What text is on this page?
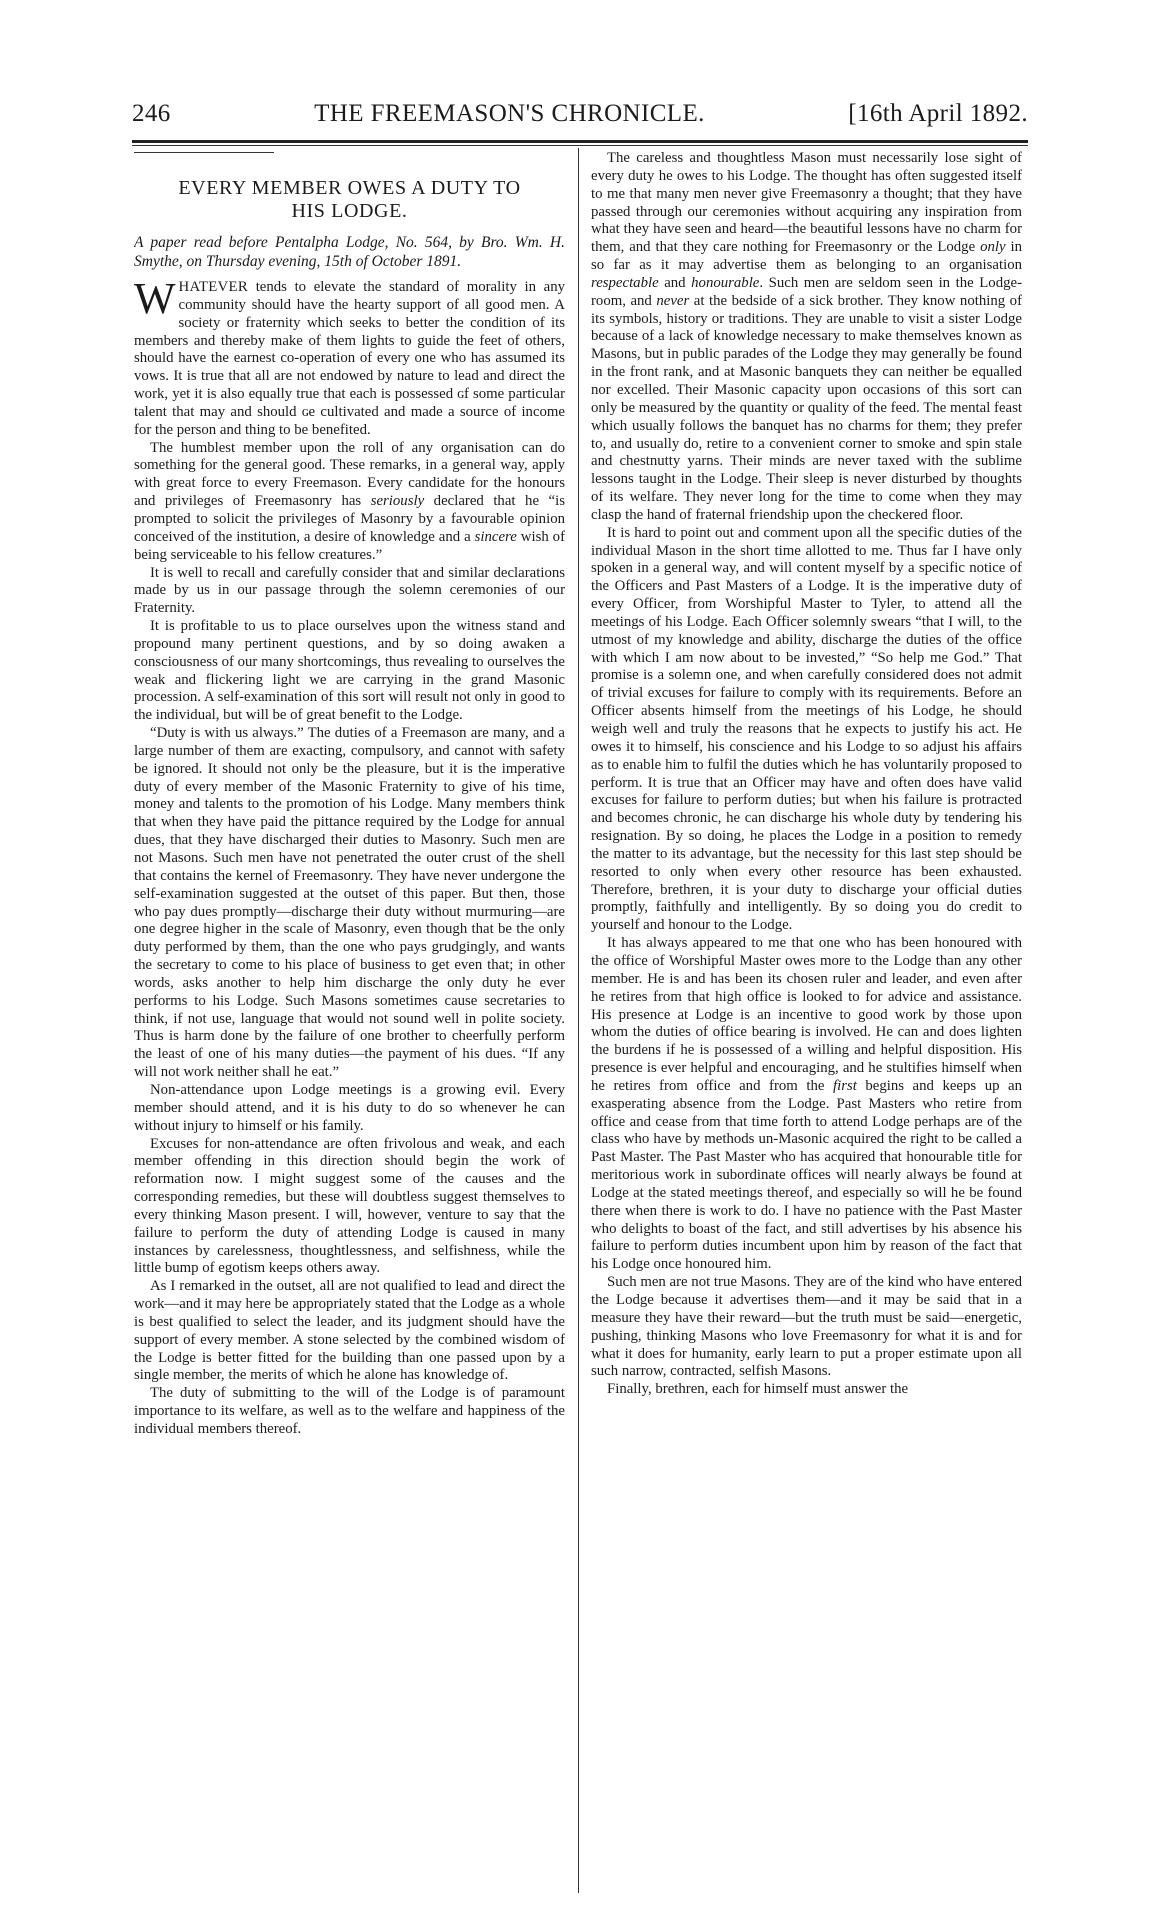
246	THE FREEMASON'S CHRONICLE.	[16th April 1892.
EVERY MEMBER OWES A DUTY TO
HIS LODGE.
A paper read before Pentalpha Lodge, No. 564, by Bro. Wm. H. Smythe, on Thursday evening, 15th of October 1891.

WHATEVER tends to elevate the standard of morality in any community should have the hearty support of all good men. A society or fraternity which seeks to better the condition of its members and thereby make of them lights to guide the feet of others, should have the earnest co-operation of every one who has assumed its vows. It is true that all are not endowed by nature to lead and direct the work, yet it is also equally true that each is possessed ɢf some particular talent that may and should ɢe cultivated and made a source of income for the person and thing to be benefited.

The humblest member upon the roll of any organisation can do something for the general good. These remarks, in a general way, apply with great force to every Freemason. Every candidate for the honours and privileges of Freemasonry has seriously declared that he “is prompted to solicit the privileges of Masonry by a favourable opinion conceived of the institution, a desire of knowledge and a sincere wish of being serviceable to his fellow creatures.”

It is well to recall and carefully consider that and similar declarations made by us in our passage through the solemn ceremonies of our Fraternity.

It is profitable to us to place ourselves upon the witness stand and propound many pertinent questions, and by so doing awaken a consciousness of our many shortcomings, thus revealing to ourselves the weak and flickering light we are carrying in the grand Masonic procession. A self-examination of this sort will result not only in good to the individual, but will be of great benefit to the Lodge.

“Duty is with us always.” The duties of a Freemason are many, and a large number of them are exacting, compulsory, and cannot with safety be ignored. It should not only be the pleasure, but it is the imperative duty of every member of the Masonic Fraternity to give of his time, money and talents to the promotion of his Lodge. Many members think that when they have paid the pittance required by the Lodge for annual dues, that they have discharged their duties to Masonry. Such men are not Masons. Such men have not penetrated the outer crust of the shell that contains the kernel of Freemasonry. They have never undergone the self-examination suggested at the outset of this paper. But then, those who pay dues promptly—discharge their duty without murmuring—are one degree higher in the scale of Masonry, even though that be the onlу duty performed by them, than the one who pays grudgingly, and wants the secretary to come to his place of business to get even that; in other words, asks another to help him discharge the only duty he ever performs to his Lodge. Such Masons sometimes cause secretaries to think, if not use, language that would not sound well in polite society. Thus is harm done by the failure of one brother to cheerfully perform the least of one of his many duties—the payment of his dues. “If any will not work neither shall he eat.”

Non-attendance upon Lodge meetings is a growing evil. Every member should attend, and it is his duty to do so whenever he can without injury to himself or his family.

Excuses for non-attendance are often frivolous and weak, and each member offending in this direction should begin the work of reformation now. I might suggest some of the causes and the corresponding remedies, but these will doubtless suggest themselves to every thinking Mason present. I will, however, venture to say that the failure to perform the duty of attending Lodge is caused in many instances by carelessness, thoughtlessness, and selfishness, while the little bump of egotism keeps others away.

As I remarked in the outset, all are not qualified to lead and direct the work—and it may here be appropriately stated that the Lodge as a whole is best qualified to select the leader, and its judgment should have the support of every member. A stone selected by the combined wisdom of the Lodge is better fitted for the building than one passed upon by a single member, the merits of which he alone has knowledge of.

The duty of submitting to the will of the Lodge is of paramount importance to its welfare, as well as to the welfare and happiness of the individual members thereof.

The careless and thoughtless Mason must necessarily lose sight of every duty he owes to his Lodge. The thought has often suggested itself to me that many men never give Freemasonry a thought; that they have passed through our ceremonies without acquiring any inspiration from what they have seen and heard—the beautiful lessons have no charm for them, and that they care nothing for Freemasonry or the Lodge only in so far as it may advertise them as belonging to an organisation respectable and honourable. Such men are seldom seen in the Lodge-room, and never at the bedside of a sick brother. They know nothing of its symbols, history or traditions. They are unable to visit a sister Lodge because of a lack of knowledge necessary to make themselves known as Masons, but in public parades of the Lodge they may generally be found in the front rank, and at Masonic banquets they can neither be equalled nor excelled. Their Masonic capacity upon occasions of this sort can only be measured by the quantity or quality of the feed. The mental feast which usually follows the banquet has no charms for them; they prefer to, and usually do, retire to a convenient corner to smoke and spin stale and chestnutty yarns. Their minds are never taxed with the sublime lessons taught in the Lodge. Their sleep is never disturbed by thoughts of its welfare. They never long for the time to come when they may clasp the hand of fraternal friendship upon the checkered floor.

It is hard to point out and comment upon all the specific duties of the individual Mason in the short time allotted to me. Thus far I have only spoken in a general way, and will content myself by a specific notice of the Officers and Past Masters of a Lodge. It is the imperative duty of every Officer, from Worshipful Master to Tyler, to attend all the meetings of his Lodge. Each Officer solemnly swears “that I will, to the utmost of my knowledge and ability, discharge the duties of the office with which I am now about to be invested,” “So help me God.” That promise is a solemn one, and when carefully considered does not admit of trivial excuses for failure to comply with its requirements. Before an Officer absents himself from the meetings of his Lodge, he should weigh well and truly the reasons that he expects to justify his act. He owes it to himself, his conscience and his Lodge to so adjust his affairs as to enable him to fulfil the duties which he has voluntarily proposed to perform. It is true that an Officer may have and often does have valid excuses for failure to perform duties; but when his failure is protracted and becomes chronic, he can discharge his whole duty by tendering his resignation. By so doing, he places the Lodge in a position to remedy the matter to its advantage, but the necessity for this last step should be resorted to only when every other resource has been exhausted. Therefore, brethren, it is your duty to discharge your official duties promptly, faithfully and intelligently. By so doing you do credit to yourself and honour to the Lodge.

It has always appeared to me that one who has been honoured with the office of Worshipful Master owes more to the Lodge than any other member. He is and has been its chosen ruler and leader, and even after he retires from that high office is looked to for advice and assistance. His presence at Lodge is an incentive to good work by those upon whom the duties of office bearing is involved. He can and does lighten the burdens if he is possessed of a willing and helpful disposition. His presence is ever helpful and encouraging, and he stultifies himself when he retires from office and from the first begins and keeps up an exasperating absence from the Lodge. Past Masters who retire from office and cease from that time forth to attend Lodge perhaps are of the class who have by methods un-Masonic acquired the right to be called a Past Master. The Past Master who has acquired that honourable title for meritorious work in subordinate offices will nearly always be found at Lodge at the stated meetings thereof, and especially so will he be found there when there is work to do. I have no patience with the Past Master who delights to boast of the fact, and still advertises by his absence his failure to perform duties incumbent upon him by reason of the fact that his Lodge once honoured him.

Such men are not true Masons. They are of the kind who have entered the Lodge because it advertises them—and it may be said that in a measure they have their reward—but the truth must be said—energetic, pushing, thinking Masons who love Freemasonry for what it is and for what it does for humanity, early learn to put a proper estimate upon all such narrow, contracted, selfish Masons.

Finally, brethren, each for himself must answer the
